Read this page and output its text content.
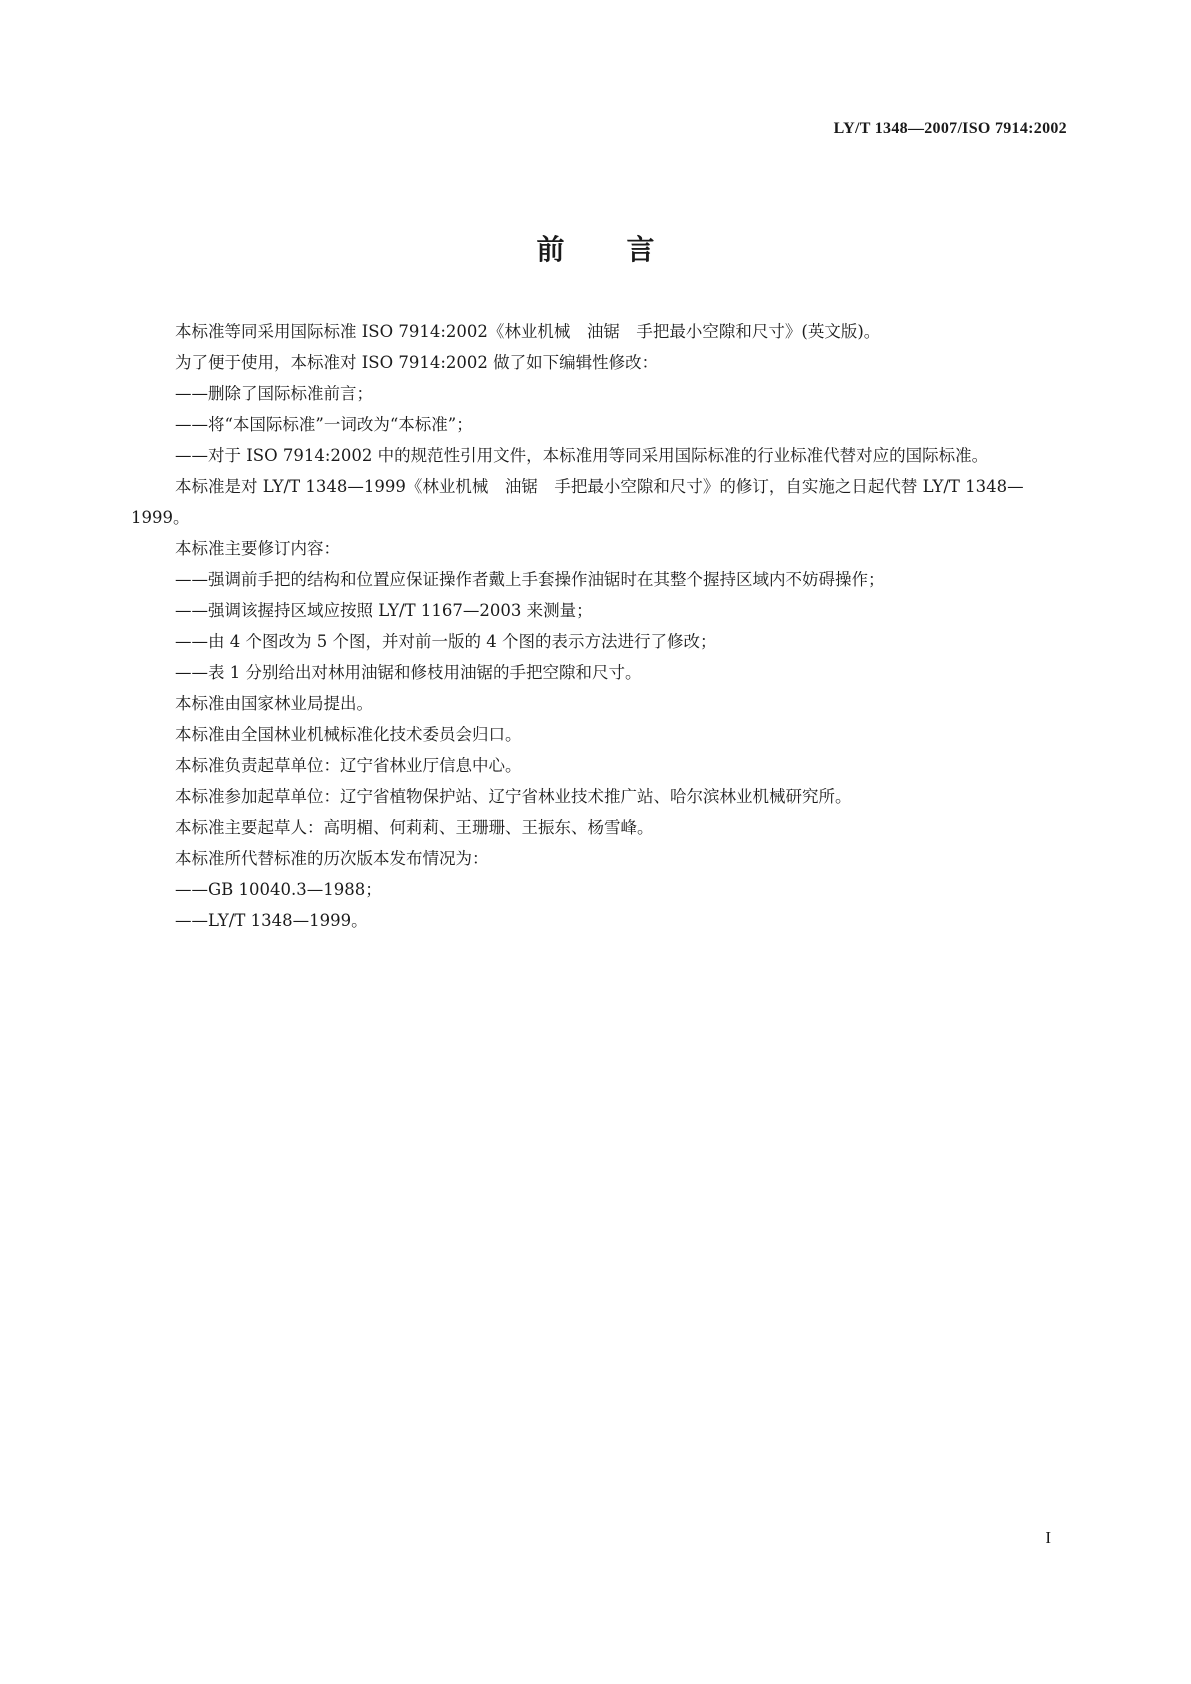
LY/T 1348—2007/ISO 7914:2002
前 言

本标准等同采用国际标准 ISO 7914:2002《林业机械　油锯　手把最小空隙和尺寸》(英文版)。

为了便于使用，本标准对 ISO 7914:2002 做了如下编辑性修改：

——删除了国际标准前言；

——将“本国际标准”一词改为“本标准”；

——对于 ISO 7914:2002 中的规范性引用文件，本标准用等同采用国际标准的行业标准代替对应的国际标准。

本标准是对 LY/T 1348—1999《林业机械　油锯　手把最小空隙和尺寸》的修订，自实施之日起代替 LY/T 1348—1999。

本标准主要修订内容：

——强调前手把的结构和位置应保证操作者戴上手套操作油锯时在其整个握持区域内不妨碍操作；

——强调该握持区域应按照 LY/T 1167—2003 来测量；

——由 4 个图改为 5 个图，并对前一版的 4 个图的表示方法进行了修改；

——表 1 分别给出对林用油锯和修枝用油锯的手把空隙和尺寸。

本标准由国家林业局提出。

本标准由全国林业机械标准化技术委员会归口。

本标准负责起草单位：辽宁省林业厅信息中心。

本标准参加起草单位：辽宁省植物保护站、辽宁省林业技术推广站、哈尔滨林业机械研究所。

本标准主要起草人：高明楣、何莉莉、王珊珊、王振东、杨雪峰。

本标准所代替标准的历次版本发布情况为：

——GB 10040.3—1988；

——LY/T 1348—1999。

I
